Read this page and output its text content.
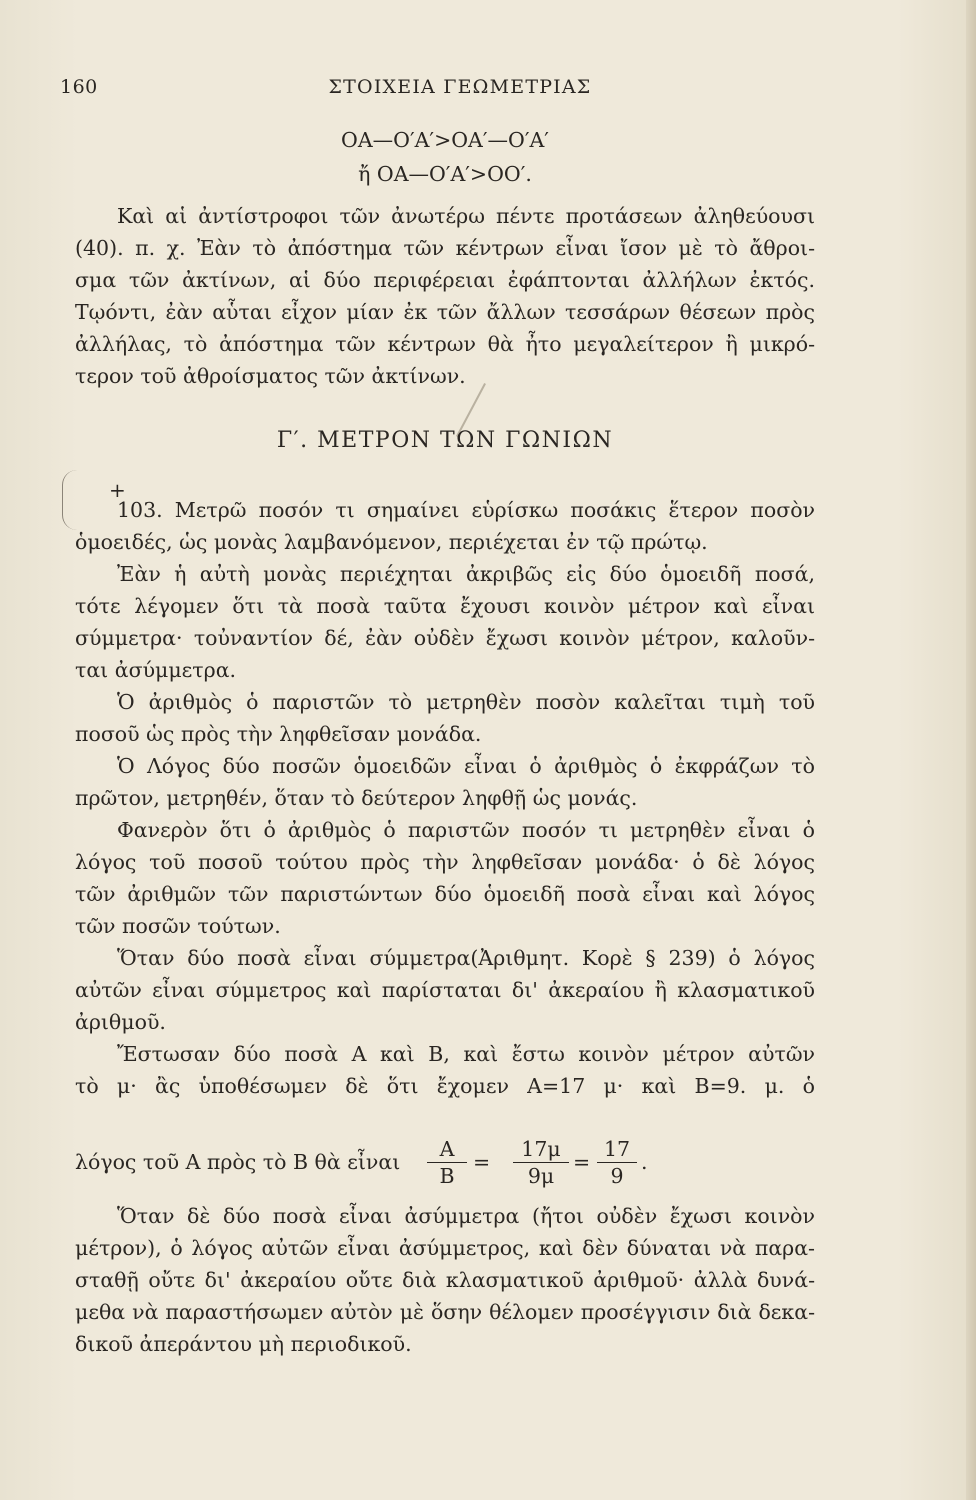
160	ΣΤΟΙΧΕΙΑ ΓΕΩΜΕΤΡΙΑΣ
ΟΑ—Ο′Α′>ΟΑ′—Ο′Α′
ἤ ΟΑ—Ο′Α′>ΟΟ′.
Καὶ αἱ ἀντίστροφοι τῶν ἀνωτέρω πέντε προτάσεων ἀληθεύουσι
(40). π. χ. Ἐὰν τὸ ἀπόστημα τῶν κέντρων εἶναι ἴσον μὲ τὸ ἄθροι-
σμα τῶν ἀκτίνων, αἱ δύο περιφέρειαι ἐφάπτονται ἀλλήλων ἐκτός.
Τῳόντι, ἐὰν αὗται εἶχον μίαν ἐκ τῶν ἄλλων τεσσάρων θέσεων πρὸς
ἀλλήλας, τὸ ἀπόστημα τῶν κέντρων θὰ ἦτο μεγαλείτερον ἢ μικρό-
τερον τοῦ ἀθροίσματος τῶν ἀκτίνων.
Γ′. ΜΕΤΡΟΝ ΤΩΝ ΓΩΝΙΩΝ
+
103. Μετρῶ ποσόν τι σημαίνει εὑρίσκω ποσάκις ἕτερον ποσὸν
ὁμοειδές, ὡς μονὰς λαμβανόμενον, περιέχεται ἐν τῷ πρώτῳ.
Ἐὰν ἡ αὐτὴ μονὰς περιέχηται ἀκριβῶς εἰς δύο ὁμοειδῆ ποσά,
τότε λέγομεν ὅτι τὰ ποσὰ ταῦτα ἔχουσι κοινὸν μέτρον καὶ εἶναι
σύμμετρα· τοὐναντίον δέ, ἐὰν οὐδὲν ἔχωσι κοινὸν μέτρον, καλοῦν-
ται ἀσύμμετρα.
Ὁ ἀριθμὸς ὁ παριστῶν τὸ μετρηθὲν ποσὸν καλεῖται τιμὴ τοῦ
ποσοῦ ὡς πρὸς τὴν ληφθεῖσαν μονάδα.
Ὁ Λόγος δύο ποσῶν ὁμοειδῶν εἶναι ὁ ἀριθμὸς ὁ ἐκφράζων τὸ
πρῶτον, μετρηθέν, ὅταν τὸ δεύτερον ληφθῇ ὡς μονάς.
Φανερὸν ὅτι ὁ ἀριθμὸς ὁ παριστῶν ποσόν τι μετρηθὲν εἶναι ὁ
λόγος τοῦ ποσοῦ τούτου πρὸς τὴν ληφθεῖσαν μονάδα· ὁ δὲ λόγος
τῶν ἀριθμῶν τῶν παριστώντων δύο ὁμοειδῆ ποσὰ εἶναι καὶ λόγος
τῶν ποσῶν τούτων.
Ὅταν δύο ποσὰ εἶναι σύμμετρα(Ἀριθμητ. Κορὲ § 239) ὁ λόγος
αὐτῶν εἶναι σύμμετρος καὶ παρίσταται δι' ἀκεραίου ἢ κλασματικοῦ
ἀριθμοῦ.
Ἔστωσαν δύο ποσὰ Α καὶ Β, καὶ ἔστω κοινὸν μέτρον αὐτῶν
τὸ μ· ἂς ὑποθέσωμεν δὲ ὅτι ἔχομεν Α=17 μ· καὶ Β=9. μ. ὁ
λόγος τοῦ Α πρὸς τὸ Β θὰ εἶναι $\frac{A}{B} = \frac{17\mu}{9\mu} = \frac{17}{9}$ .
Ὅταν δὲ δύο ποσὰ εἶναι ἀσύμμετρα (ἤτοι οὐδὲν ἔχωσι κοινὸν
μέτρον), ὁ λόγος αὐτῶν εἶναι ἀσύμμετρος, καὶ δὲν δύναται νὰ παρα-
σταθῇ οὔτε δι' ἀκεραίου οὔτε διὰ κλασματικοῦ ἀριθμοῦ· ἀλλὰ δυνά-
μεθα νὰ παραστήσωμεν αὐτὸν μὲ ὅσην θέλομεν προσέγγισιν διὰ δεκα-
δικοῦ ἀπεράντου μὴ περιοδικοῦ.
